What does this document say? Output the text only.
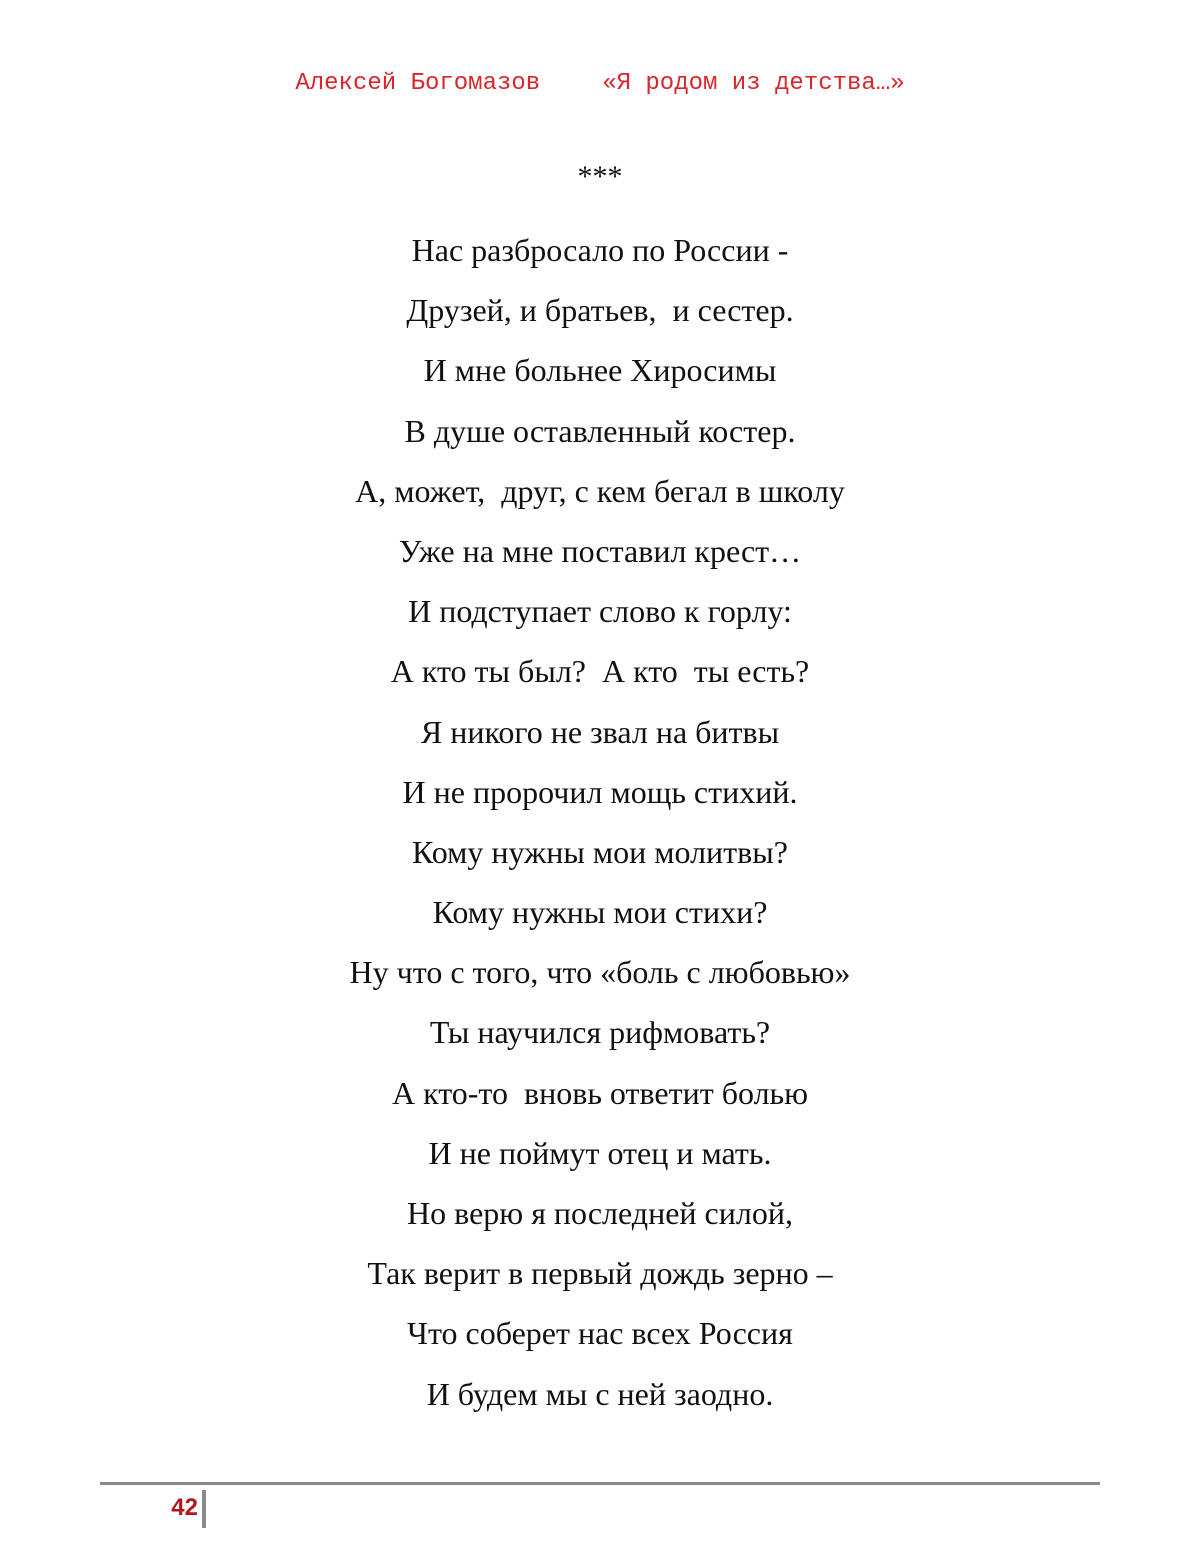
Алексей Богомазов	«Я родом из детства…»
***
Нас разбросало по России -
Друзей, и братьев,  и сестер.
И мне больнее Хиросимы
В душе оставленный костер.
А, может,  друг, с кем бегал в школу
Уже на мне поставил крест…
И подступает слово к горлу:
А кто ты был?  А кто  ты есть?
Я никого не звал на битвы
И не пророчил мощь стихий.
Кому нужны мои молитвы?
Кому нужны мои стихи?
Ну что с того, что «боль с любовью»
Ты научился рифмовать?
А кто-то  вновь ответит болью
И не поймут отец и мать.
Но верю я последней силой,
Так верит в первый дождь зерно –
Что соберет нас всех Россия
И будем мы с ней заодно.
42
